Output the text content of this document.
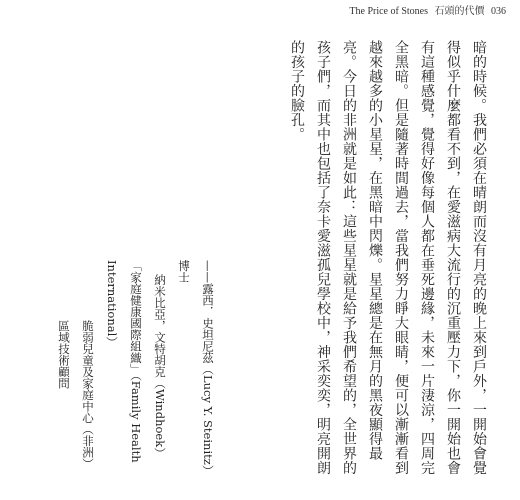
The Price of Stones 石頭的代價 036

暗的時候。我們必須在晴朗而沒有月亮的晚上來到戶外，一開始會覺得似乎什麼都看不到，在愛滋病大流行的沉重壓力下，你一開始也會有這種感覺，覺得好像每個人都在垂死邊緣，未來一片淒涼，四周完全黑暗。但是隨著時間過去，當我們努力睜大眼睛，便可以漸漸看到越來越多的小星星，在黑暗中閃爍。星星總是在無月的黑夜顯得最亮。今日的非洲就是如此：這些星星就是給予我們希望的，全世界的孩子們，而其中也包括了奈卡愛滋孤兒學校中，神采奕奕，明亮開朗的孩子的臉孔。

——露西．史坦尼茲（Lucy Y. Steinitz）博士

納米比亞，文特胡克（Windhoek）

「家庭健康國際組織」（Family Health International）

脆弱兒童及家庭中心（非洲）區域技術顧問
